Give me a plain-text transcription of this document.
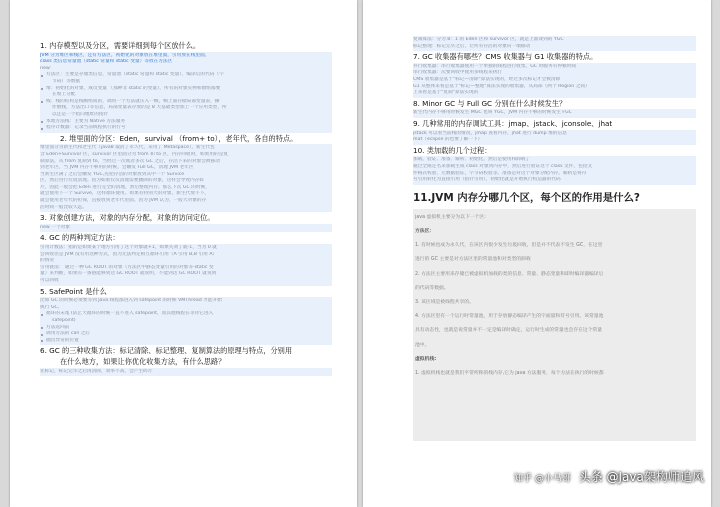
1. 内存模型以及分区，需要详细到每个区放什么。
JVM 分为堆区和栈区，还有方法区，初始化的对象放在堆里面，引用放在栈里面，
class 类信息常量池（static 常量和 static 变量）等放在方法区
new:
方法区：主要是存储类信息，常量池（static 常量和 static 变量），编译后的代码（字
节码）等数据
堆：初始化的对象，成员变量 （那种非 static 的变量），所有的对象实例和数组都要
在堆上分配
栈：栈的结构是栈帧组成的，调用一个方法就压入一帧，帧上面存储局部变量表，操
作数栈，方法出口等信息，局部变量表存放的是 8 大基础类型加上一个应用类型，所
以还是一个指向地址的指针
本地方法栈：主要为 Native 方法服务
程序计数器：记录当前线程执行的行号
2. 堆里面的分区：Eden，survival （from+ to），老年代，各自的特点。
堆里面分为新生代和老生代（java8 取消了永久代，采用了 Metaspace），新生代包
含 Eden+Survivor 区，survivor 区里面分为 from 和 to 区，内存回收时，如果用的是复
制算法，从 from 复制到 to，当经过一次或者多次 GC 之后，存活下来的对象会被移动
到老年区，当 JVM 内存不够用的时候，会触发 Full GC，清理 JVM 老年区
当新生区满了之后会触发 YGC,先把存活的对象放到其中一个 Survice
区，然后进行垃圾清理。因为如果仅仅清理需要删除的对象，这样会导致内存碎
片，因此一般会把 Eden 进行完全的清理，然后整理内存。那么下次 GC 的时候，
就会使用下一个 Survive，这样循环使用。如果有特别大的对象，新生代放不下，
就会使用老年代的担保，直接放到老年代里面。因为 JVM 认为，一般大对象的存
活时间一般比较久远。
3. 对象创建方法，对象的内存分配，对象的访问定位。
new 一个对象
4. GC 的两种判定方法：
引用计数法：指的是如果某个地方引用了这个对象就+1，如果失效了就-1，当为 0 就
会回收但是 JVM 没有用这种方式，因为无法判定相互循环引用（A 引用 B,B 引用 A）
的情况
引用链法： 通过一种 GC ROOT 的对象（方法区中静态变量引用的对象等-static 变
量）来判断，如果有一条链能够到达 GC ROOT 就说明，不能到达 GC ROOT 就说明
可以回收
5. SafePoint 是什么
比如 GC 的时候必须要等到 Java 线程都进入到 safepoint 的时候 VMThread 才能开始
执行 GC,
循环的末尾 (防止大循环的时候一直不进入 safepoint，而其他线程在等待它进入
safepoint)
方法返回前
调用方法的 call 之后
抛出异常的位置
6. GC 的三种收集方法：标记清除、标记整理、复制算法的原理与特点，分别用
在什么地方，如果让你优化收集方法，有什么思路？
先标记，标记完毕之后再清除，效率不高，会产生碎片
复制算法：分为 8：1 的 Eden 区和 survivor 区，就是上面谈到的 YGC
标记整理：标记完毕之后，让所有存活的对象向一端移动
7. GC 收集器有哪些？CMS 收集器与 G1 收集器的特点。
并行收集器：串行收集器使用一个单独的线程进行收集，GC 时服务有停顿时间
串行收集器：次要回收中使用多线程来执行
CMS 收集器是基于"标记—清除"算法实现的，经过多次标记才会被清除
G1 从整体来看是基于"标记—整理"算法实现的收集器，从局部（两个 Region 之间）
上来看是基于"复制"算法实现的
8. Minor GC 与 Full GC 分别在什么时候发生？
新生代内存不够用时候发生 MGC 也叫 YGC，JVM 内存不够的时候发生 FGC
9. 几种常用的内存调试工具：jmap、jstack、jconsole、jhat
jstack 可以看当前栈的情况，jmap 查看内存，jhat 进行 dump 堆的信息
mat（eclipse 的也要了解一下）
10. 类加载的几个过程：
加载、验证、准备、解析、初始化。然后是使用和卸载了
通过全限定名来加载生成 class 对象到内存中，然后进行验证这个 class 文件，包括文
件格式校验、元数据验证，字节码校验等。准备是对这个对象分配内存。解析是将符
号引用转化为直接引用（指针引用），初始化就是开始执行构造器的代码
11.JVM 内存分哪几个区，每个区的作用是什么?
java 虚拟机主要分为以下一个区:
方法区：
1. 有时候也成为永久代，在该区内很少发生垃圾回收，但是并不代表不发生 GC，在这里
进行的 GC 主要是对方法区里的常量池和对类型的卸载
2. 方法区主要用来存储已被虚拟机加载的类的信息、常量、静态变量和即时编译器编译后
的代码等数据。
3. 该区域是被线程共享的。
4. 方法区里有一个运行时常量池，用于存放静态编译产生的字面量和符号引用。该常量池
具有动态性，也就是说常量并不一定是编译时确定，运行时生成的常量也会存在这个常量
池中。
虚拟机栈:
1. 虚拟机栈也就是我们平常所称的栈内存,它为 java 方法服务，每个方法在执行的时候都
知乎 @小马哥 头条 @Java架构师追风
